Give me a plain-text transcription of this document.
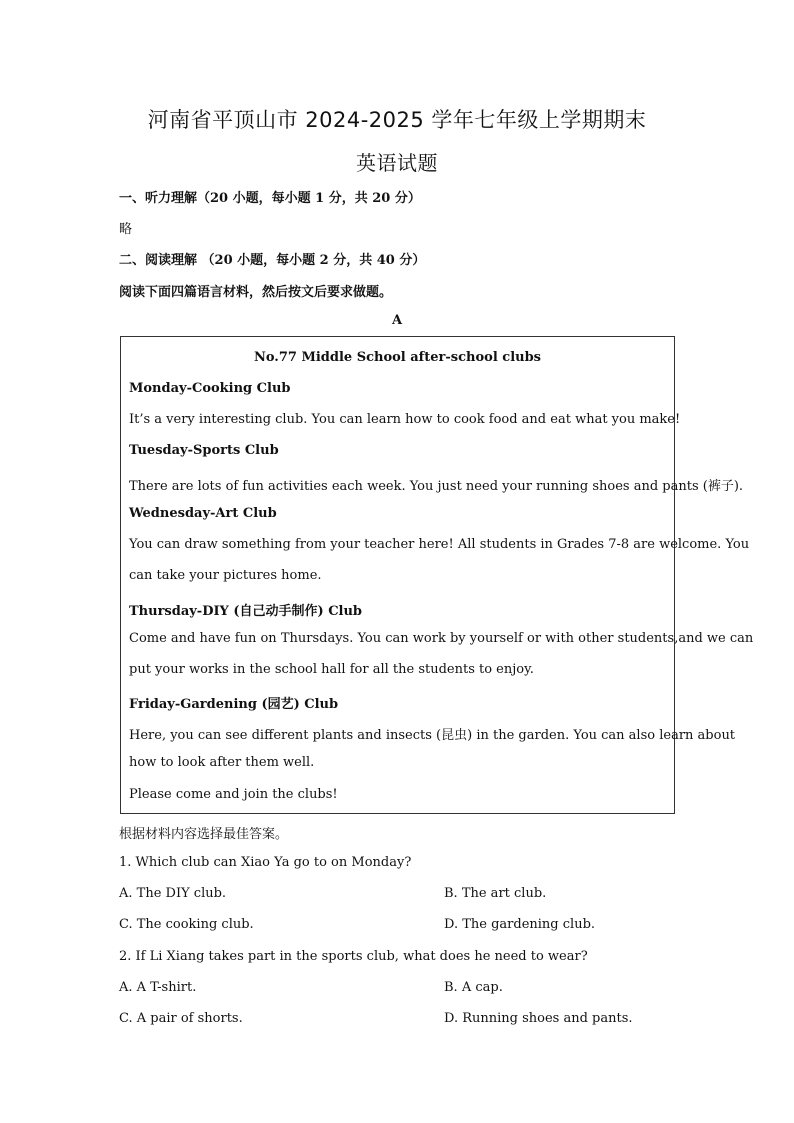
河南省平顶山市 2024-2025 学年七年级上学期期末
英语试题
一、听力理解（20 小题，每小题 1 分，共 20 分）
略
二、阅读理解 （20 小题，每小题 2 分，共 40 分）
阅读下面四篇语言材料，然后按文后要求做题。
A
No.77 Middle School after-school clubs
Monday-Cooking Club
It’s a very interesting club. You can learn how to cook food and eat what you make!
Tuesday-Sports Club
There are lots of fun activities each week. You just need your running shoes and pants (裤子).
Wednesday-Art Club
You can draw something from your teacher here! All students in Grades 7-8 are welcome. You
can take your pictures home.
Thursday-DIY (自己动手制作) Club
Come and have fun on Thursdays. You can work by yourself or with other students,and we can
put your works in the school hall for all the students to enjoy.
Friday-Gardening (园艺) Club
Here, you can see different plants and insects (昆虫) in the garden. You can also learn about
how to look after them well.
Please come and join the clubs!
根据材料内容选择最佳答案。
1. Which club can Xiao Ya go to on Monday?
A. The DIY club.	B. The art club.
C. The cooking club.	D. The gardening club.
2. If Li Xiang takes part in the sports club, what does he need to wear?
A. A T-shirt.	B. A cap.
C. A pair of shorts.	D. Running shoes and pants.
